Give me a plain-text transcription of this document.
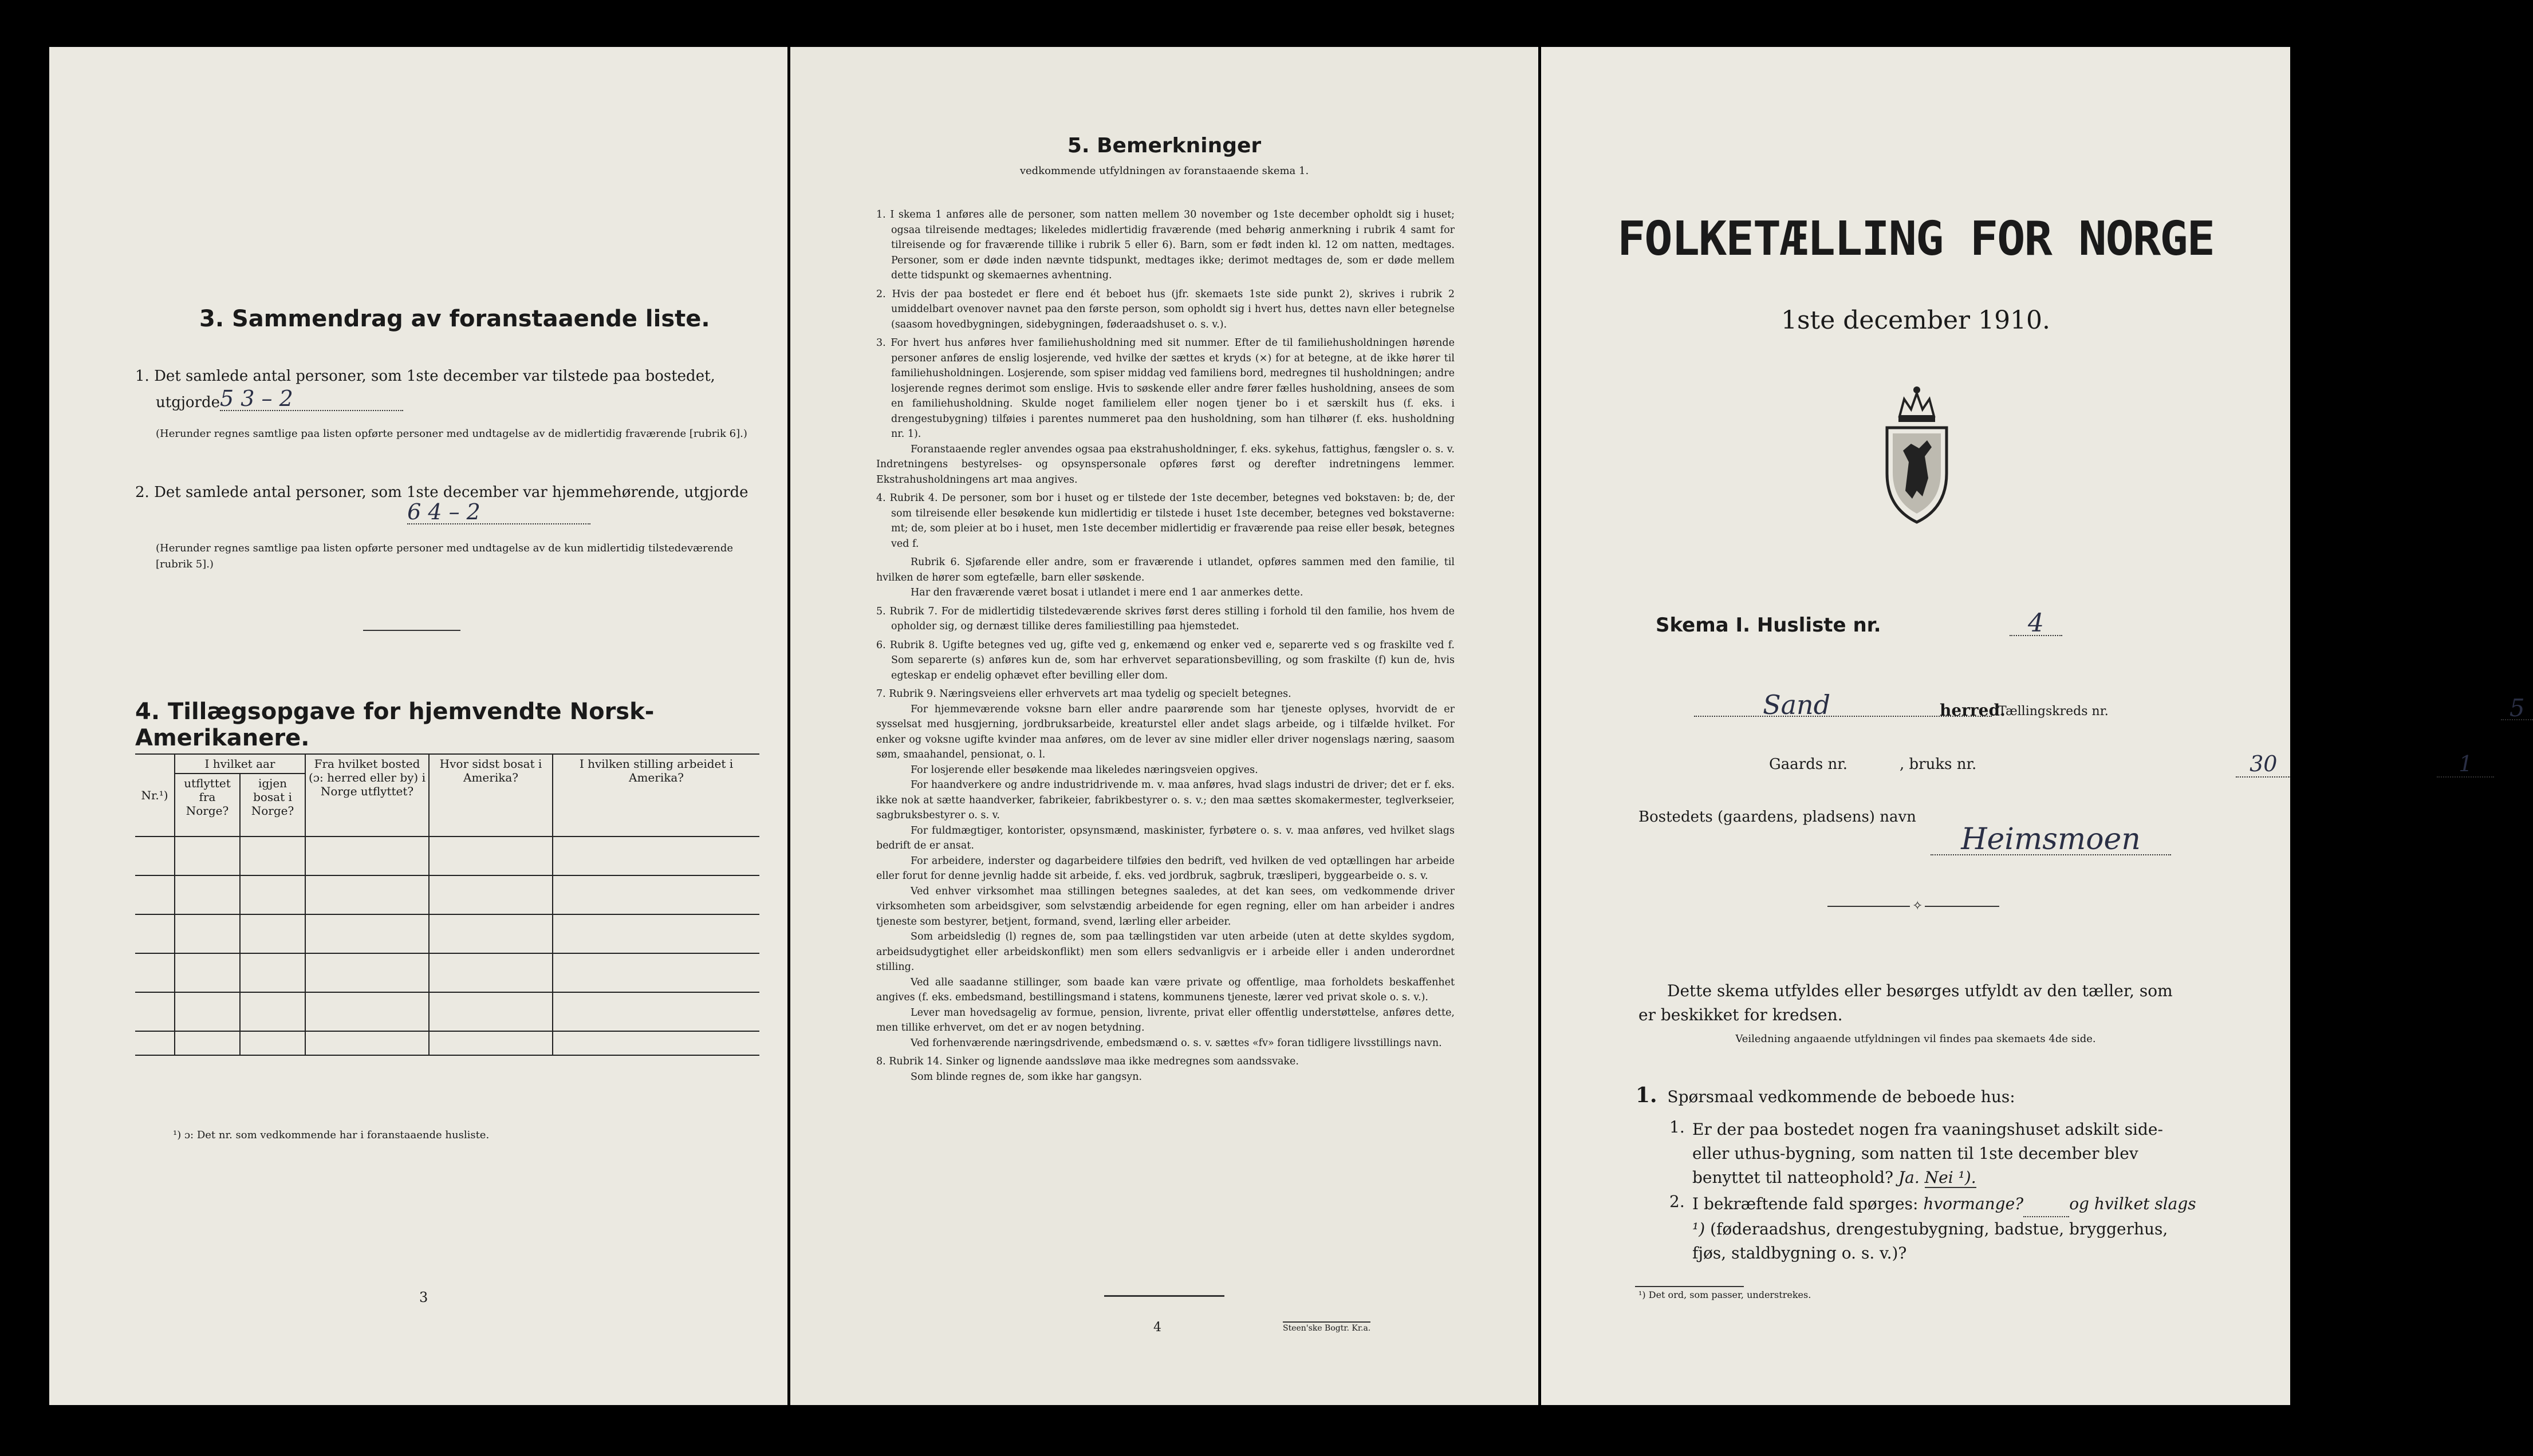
3. Sammendrag av foranstaaende liste.
1. Det samlede antal personer, som 1ste december var tilstede paa bostedet,
utgjorde 5 3 – 2
(Herunder regnes samtlige paa listen opførte personer med undtagelse av de midlertidig fraværende [rubrik 6].)
2. Det samlede antal personer, som 1ste december var hjemmehørende, utgjorde
6 4 – 2
(Herunder regnes samtlige paa listen opførte personer med undtagelse av de kun midlertidig tilstedeværende [rubrik 5].)
4. Tillægsopgave for hjemvendte Norsk-Amerikanere.
Nr.¹)	I hvilket aar		Fra hvilket bosted (ɔ: herred eller by) i Norge utflyttet?	Hvor sidst bosat i Amerika?	I hvilken stilling arbeidet i Amerika?
	utflyttet fra Norge?	igjen bosat i Norge?			

¹) ɔ: Det nr. som vedkommende har i foranstaaende husliste.
3
5. Bemerkninger
vedkommende utfyldningen av foranstaaende skema 1.

1. I skema 1 anføres alle de personer, som natten mellem 30 november og 1ste december opholdt sig i huset; ogsaa tilreisende medtages; likeledes midlertidig fraværende (med behørig anmerkning i rubrik 4 samt for tilreisende og for fraværende tillike i rubrik 5 eller 6). Barn, som er født inden kl. 12 om natten, medtages. Personer, som er døde inden nævnte tidspunkt, medtages ikke; derimot medtages de, som er døde mellem dette tidspunkt og skemaernes avhentning.

2. Hvis der paa bostedet er flere end ét beboet hus (jfr. skemaets 1ste side punkt 2), skrives i rubrik 2 umiddelbart ovenover navnet paa den første person, som opholdt sig i hvert hus, dettes navn eller betegnelse (saasom hovedbygningen, sidebygningen, føderaadshuset o. s. v.).

3. For hvert hus anføres hver familiehusholdning med sit nummer. Efter de til familiehusholdningen hørende personer anføres de enslig losjerende, ved hvilke der sættes et kryds (×) for at betegne, at de ikke hører til familiehusholdningen. Losjerende, som spiser middag ved familiens bord, medregnes til husholdningen; andre losjerende regnes derimot som enslige. Hvis to søskende eller andre fører fælles husholdning, ansees de som en familiehusholdning. Skulde noget familielem eller nogen tjener bo i et særskilt hus (f. eks. i drengestubygning) tilføies i parentes nummeret paa den husholdning, som han tilhører (f. eks. husholdning nr. 1).

Foranstaaende regler anvendes ogsaa paa ekstrahusholdninger, f. eks. sykehus, fattighus, fængsler o. s. v. Indretningens bestyrelses- og opsynspersonale opføres først og derefter indretningens lemmer. Ekstrahusholdningens art maa angives.

4. Rubrik 4. De personer, som bor i huset og er tilstede der 1ste december, betegnes ved bokstaven: b; de, der som tilreisende eller besøkende kun midlertidig er tilstede i huset 1ste december, betegnes ved bokstaverne: mt; de, som pleier at bo i huset, men 1ste december midlertidig er fraværende paa reise eller besøk, betegnes ved f.

Rubrik 6. Sjøfarende eller andre, som er fraværende i utlandet, opføres sammen med den familie, til hvilken de hører som egtefælle, barn eller søskende.

Har den fraværende været bosat i utlandet i mere end 1 aar anmerkes dette.

5. Rubrik 7. For de midlertidig tilstedeværende skrives først deres stilling i forhold til den familie, hos hvem de opholder sig, og dernæst tillike deres familiestilling paa hjemstedet.

6. Rubrik 8. Ugifte betegnes ved ug, gifte ved g, enkemænd og enker ved e, separerte ved s og fraskilte ved f. Som separerte (s) anføres kun de, som har erhvervet separationsbevilling, og som fraskilte (f) kun de, hvis egteskap er endelig ophævet efter bevilling eller dom.

7. Rubrik 9. Næringsveiens eller erhvervets art maa tydelig og specielt betegnes.

For hjemmeværende voksne barn eller andre paarørende som har tjeneste oplyses, hvorvidt de er sysselsat med husgjerning, jordbruksarbeide, kreaturstel eller andet slags arbeide, og i tilfælde hvilket. For enker og voksne ugifte kvinder maa anføres, om de lever av sine midler eller driver nogenslags næring, saasom søm, smaahandel, pensionat, o. l.

For losjerende eller besøkende maa likeledes næringsveien opgives.

For haandverkere og andre industridrivende m. v. maa anføres, hvad slags industri de driver; det er f. eks. ikke nok at sætte haandverker, fabrikeier, fabrikbestyrer o. s. v.; den maa sættes skomakermester, teglverkseier, sagbruksbestyrer o. s. v.

For fuldmægtiger, kontorister, opsynsmænd, maskinister, fyrbøtere o. s. v. maa anføres, ved hvilket slags bedrift de er ansat.

For arbeidere, inderster og dagarbeidere tilføies den bedrift, ved hvilken de ved optællingen har arbeide eller forut for denne jevnlig hadde sit arbeide, f. eks. ved jordbruk, sagbruk, træsliperi, byggearbeide o. s. v.

Ved enhver virksomhet maa stillingen betegnes saaledes, at det kan sees, om vedkommende driver virksomheten som arbeidsgiver, som selvstændig arbeidende for egen regning, eller om han arbeider i andres tjeneste som bestyrer, betjent, formand, svend, lærling eller arbeider.

Som arbeidsledig (l) regnes de, som paa tællingstiden var uten arbeide (uten at dette skyldes sygdom, arbeidsudygtighet eller arbeidskonflikt) men som ellers sedvanligvis er i arbeide eller i anden underordnet stilling.

Ved alle saadanne stillinger, som baade kan være private og offentlige, maa forholdets beskaffenhet angives (f. eks. embedsmand, bestillingsmand i statens, kommunens tjeneste, lærer ved privat skole o. s. v.).

Lever man hovedsagelig av formue, pension, livrente, privat eller offentlig understøttelse, anføres dette, men tillike erhvervet, om det er av nogen betydning.

Ved forhenværende næringsdrivende, embedsmænd o. s. v. sættes «fv» foran tidligere livsstillings navn.

8. Rubrik 14. Sinker og lignende aandssløve maa ikke medregnes som aandssvake.

Som blinde regnes de, som ikke har gangsyn.

4	Steen'ske Bogtr. Kr.a.
FOLKETÆLLING FOR NORGE
1ste december 1910.
Skema I. Husliste nr.	4 Sand	herred.
Tællingskreds nr.	5
Gaards nr.	30
, bruks nr.	1
Bostedets (gaardens, pladsens) navn
Heimsmoen
✧
Dette skema utfyldes eller besørges utfyldt av den tæller, som er beskikket for kredsen.
Veiledning angaaende utfyldningen vil findes paa skemaets 4de side.
1. Spørsmaal vedkommende de beboede hus:
1. Er der paa bostedet nogen fra vaaningshuset adskilt side- eller uthus-bygning, som natten til 1ste december blev benyttet til natteophold? Ja. Nei ¹).
2. I bekræftende fald spørges: hvormange?	og hvilket slags ¹) (føderaadshus, drengestubygning, badstue, bryggerhus, fjøs, staldbygning o. s. v.)?
¹) Det ord, som passer, understrekes.
